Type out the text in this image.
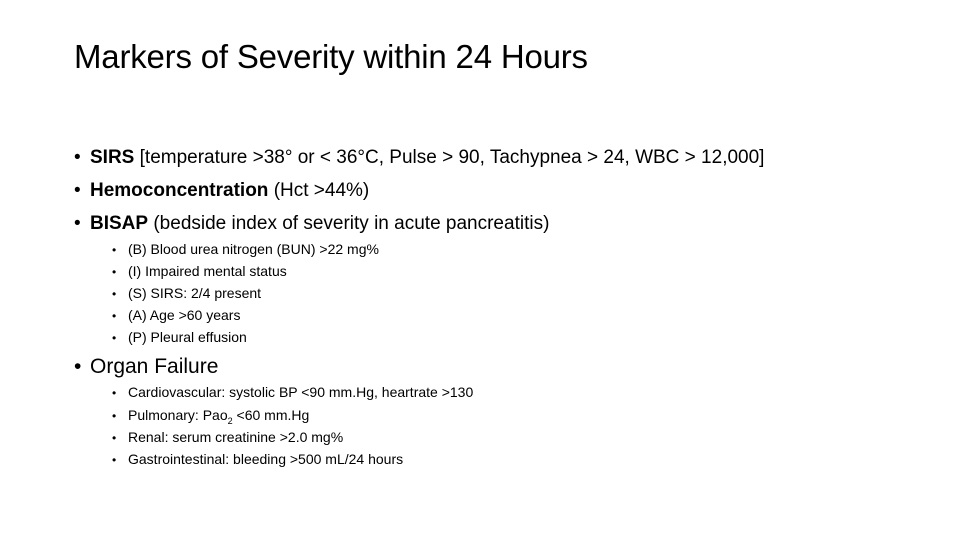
Markers of Severity within 24 Hours
• SIRS [temperature >38° or < 36°C, Pulse > 90, Tachypnea > 24, WBC > 12,000]
• Hemoconcentration (Hct >44%)
• BISAP (bedside index of severity in acute pancreatitis)
• (B) Blood urea nitrogen (BUN) >22 mg%
• (I) Impaired mental status
• (S) SIRS: 2/4 present
• (A) Age >60 years
• (P) Pleural effusion
• Organ Failure
• Cardiovascular: systolic BP <90 mm.Hg, heartrate >130
• Pulmonary: Pao$_2$ <60 mm.Hg
• Renal: serum creatinine >2.0 mg%
• Gastrointestinal: bleeding >500 mL/24 hours
